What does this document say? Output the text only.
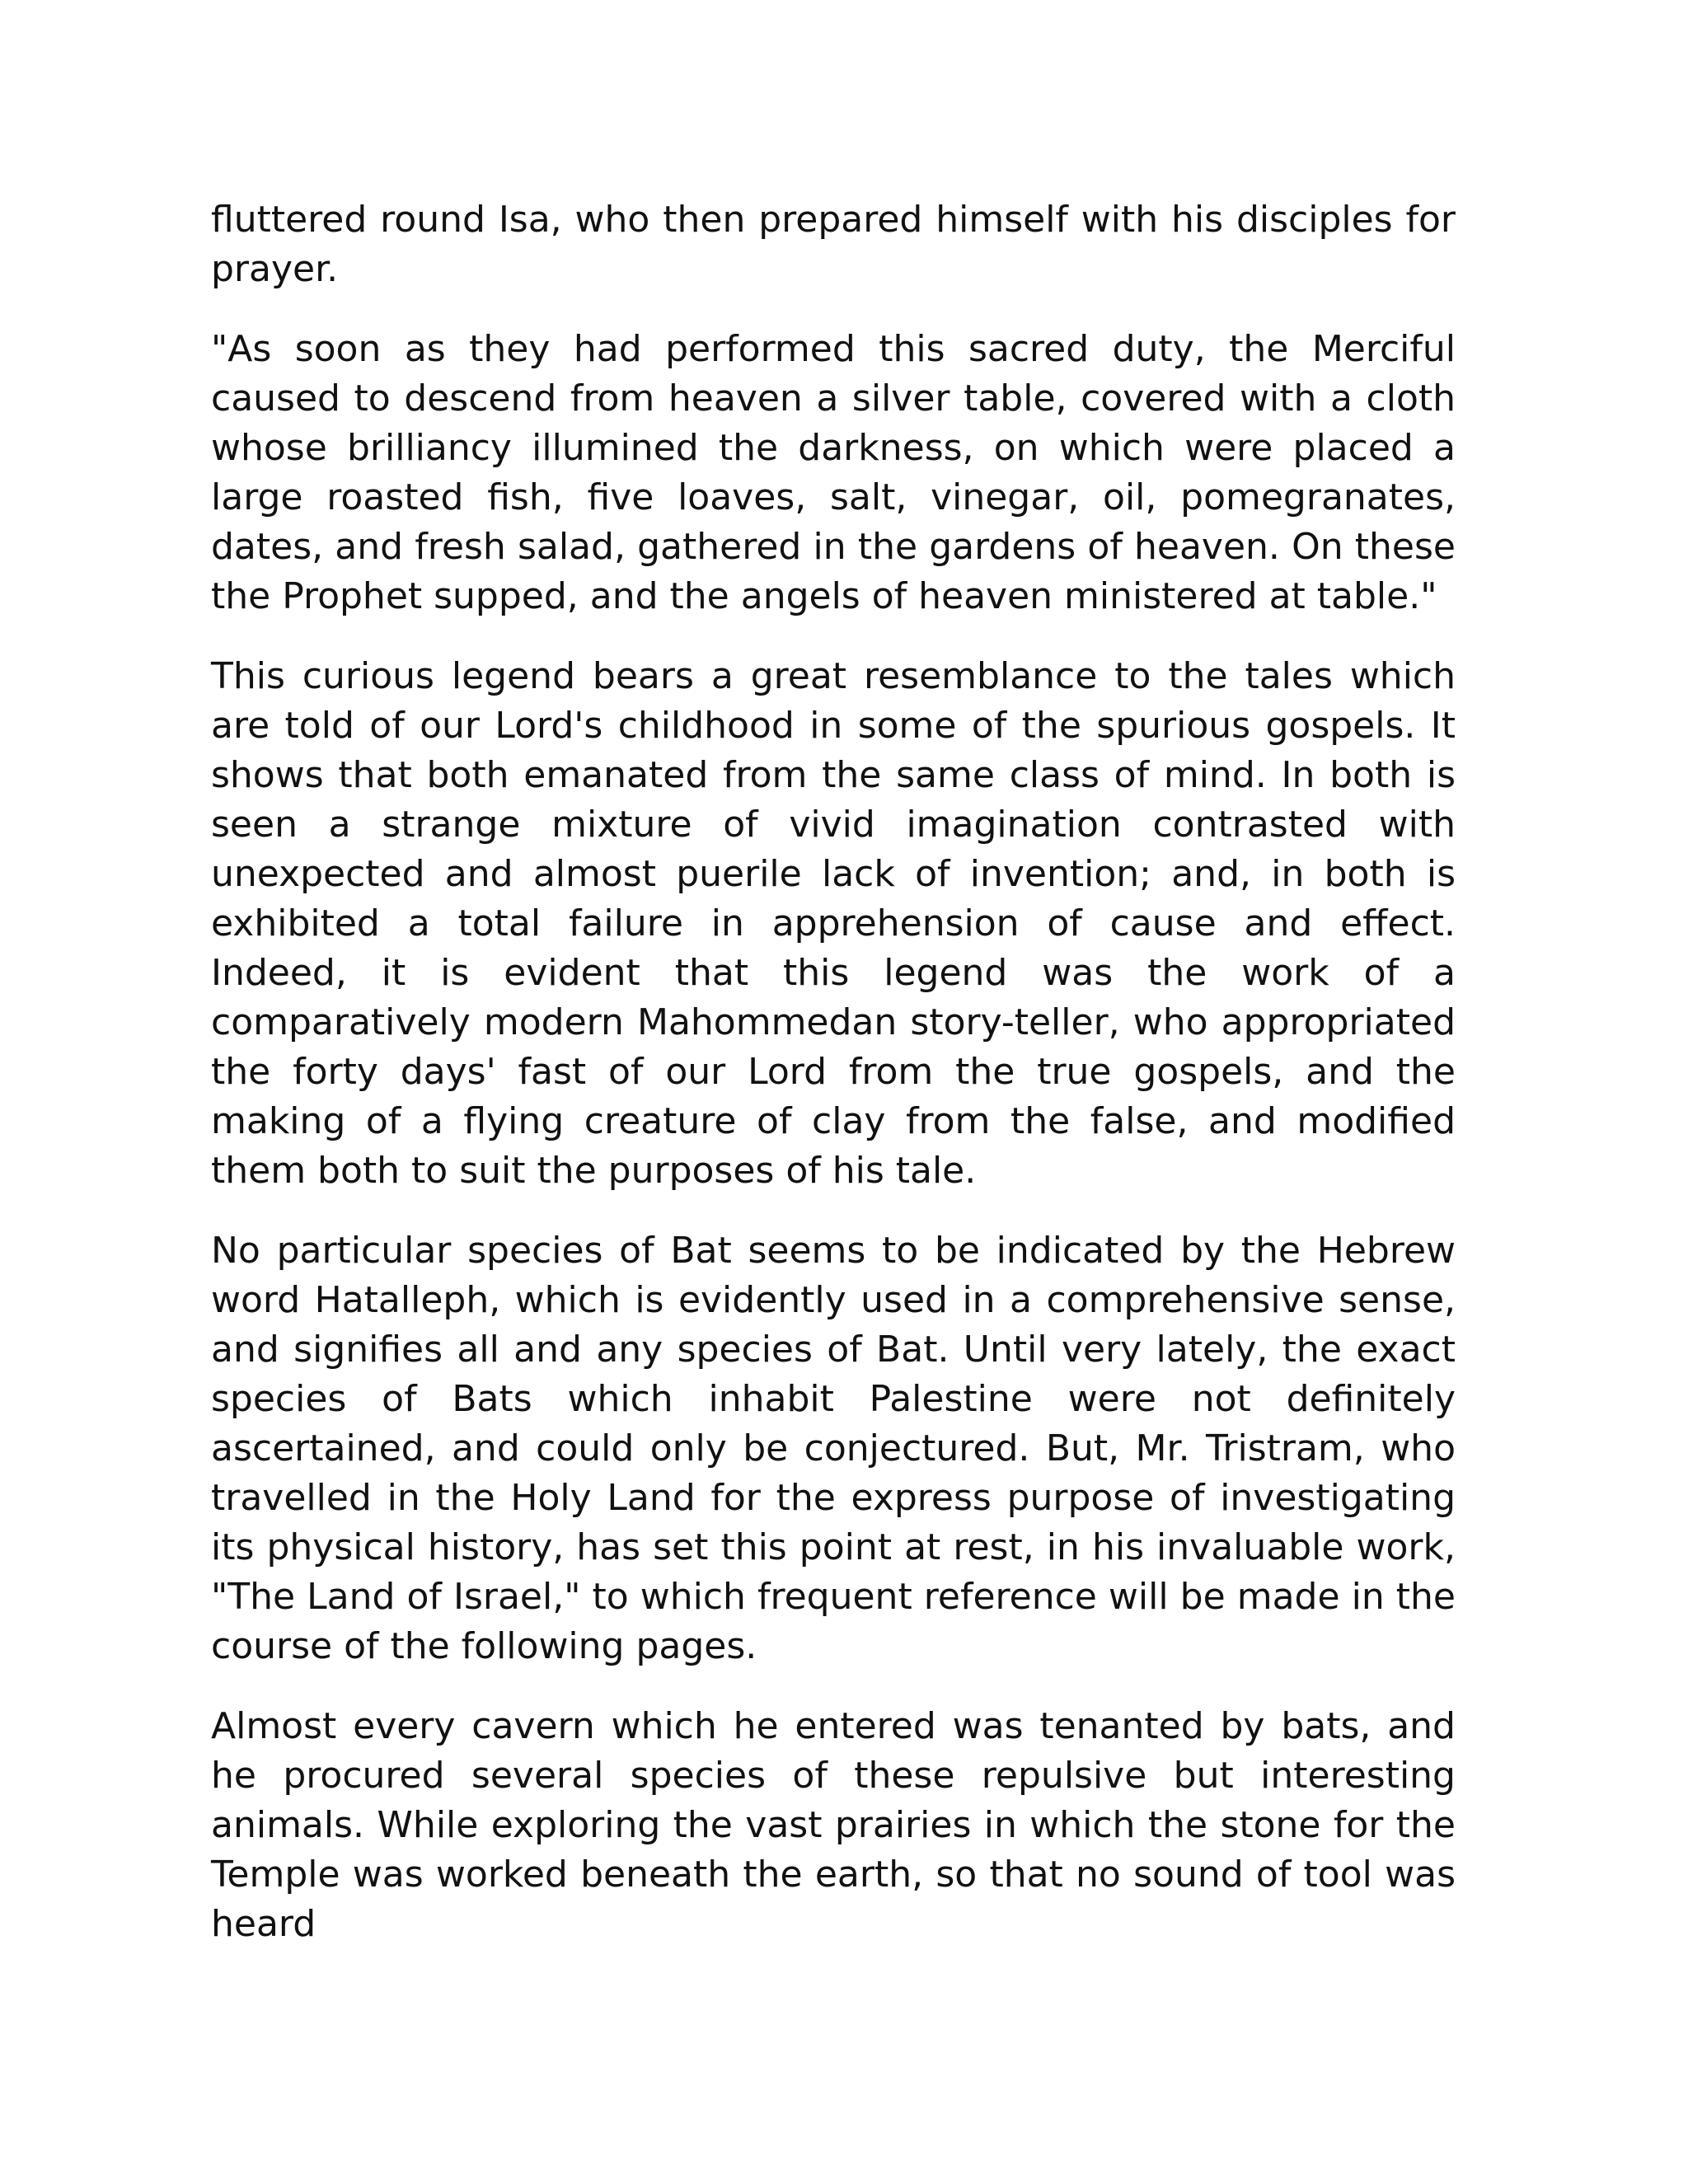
fluttered round Isa, who then prepared himself with his disciples for prayer.

"As soon as they had performed this sacred duty, the Merciful caused to descend from heaven a silver table, covered with a cloth whose brilliancy illumined the darkness, on which were placed a large roasted fish, five loaves, salt, vinegar, oil, pomegranates, dates, and fresh salad, gathered in the gardens of heaven. On these the Prophet supped, and the angels of heaven ministered at table."

This curious legend bears a great resemblance to the tales which are told of our Lord's childhood in some of the spurious gospels. It shows that both emanated from the same class of mind. In both is seen a strange mixture of vivid imagination contrasted with unexpected and almost puerile lack of invention; and, in both is exhibited a total failure in apprehension of cause and effect. Indeed, it is evident that this legend was the work of a comparatively modern Mahommedan story-teller, who appropriated the forty days' fast of our Lord from the true gospels, and the making of a flying creature of clay from the false, and modified them both to suit the purposes of his tale.

No particular species of Bat seems to be indicated by the Hebrew word Hatalleph, which is evidently used in a comprehensive sense, and signifies all and any species of Bat. Until very lately, the exact species of Bats which inhabit Palestine were not definitely ascertained, and could only be conjectured. But, Mr. Tristram, who travelled in the Holy Land for the express purpose of investigating its physical history, has set this point at rest, in his invaluable work, "The Land of Israel," to which frequent reference will be made in the course of the following pages.

Almost every cavern which he entered was tenanted by bats, and he procured several species of these repulsive but interesting animals. While exploring the vast prairies in which the stone for the Temple was worked beneath the earth, so that no sound of tool was heard
